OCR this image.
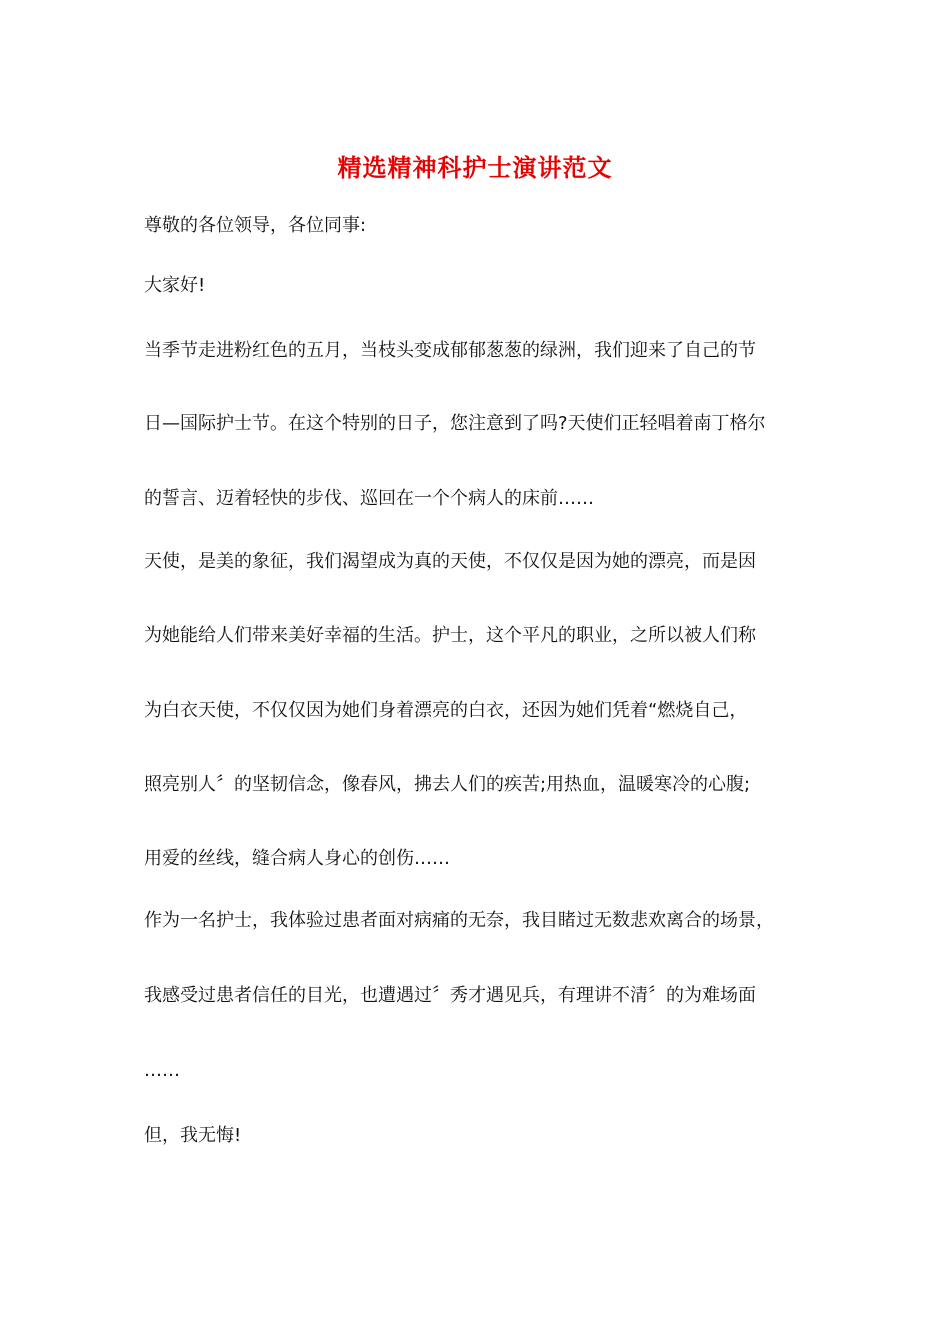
精选精神科护士演讲范文
尊敬的各位领导，各位同事:
大家好!
当季节走进粉红色的五月，当枝头变成郁郁葱葱的绿洲，我们迎来了自己的节
日—国际护士节。在这个特别的日子，您注意到了吗?天使们正轻唱着南丁格尔
的誓言、迈着轻快的步伐、巡回在一个个病人的床前……
天使，是美的象征，我们渴望成为真的天使，不仅仅是因为她的漂亮，而是因
为她能给人们带来美好幸福的生活。护士，这个平凡的职业，之所以被人们称
为白衣天使，不仅仅因为她们身着漂亮的白衣，还因为她们凭着“燃烧自己，
照亮别人〞的坚韧信念，像春风，拂去人们的疾苦;用热血，温暖寒冷的心腹;
用爱的丝线，缝合病人身心的创伤……
作为一名护士，我体验过患者面对病痛的无奈，我目睹过无数悲欢离合的场景，
我感受过患者信任的目光，也遭遇过〞秀才遇见兵，有理讲不清〞的为难场面
……
但，我无悔!
